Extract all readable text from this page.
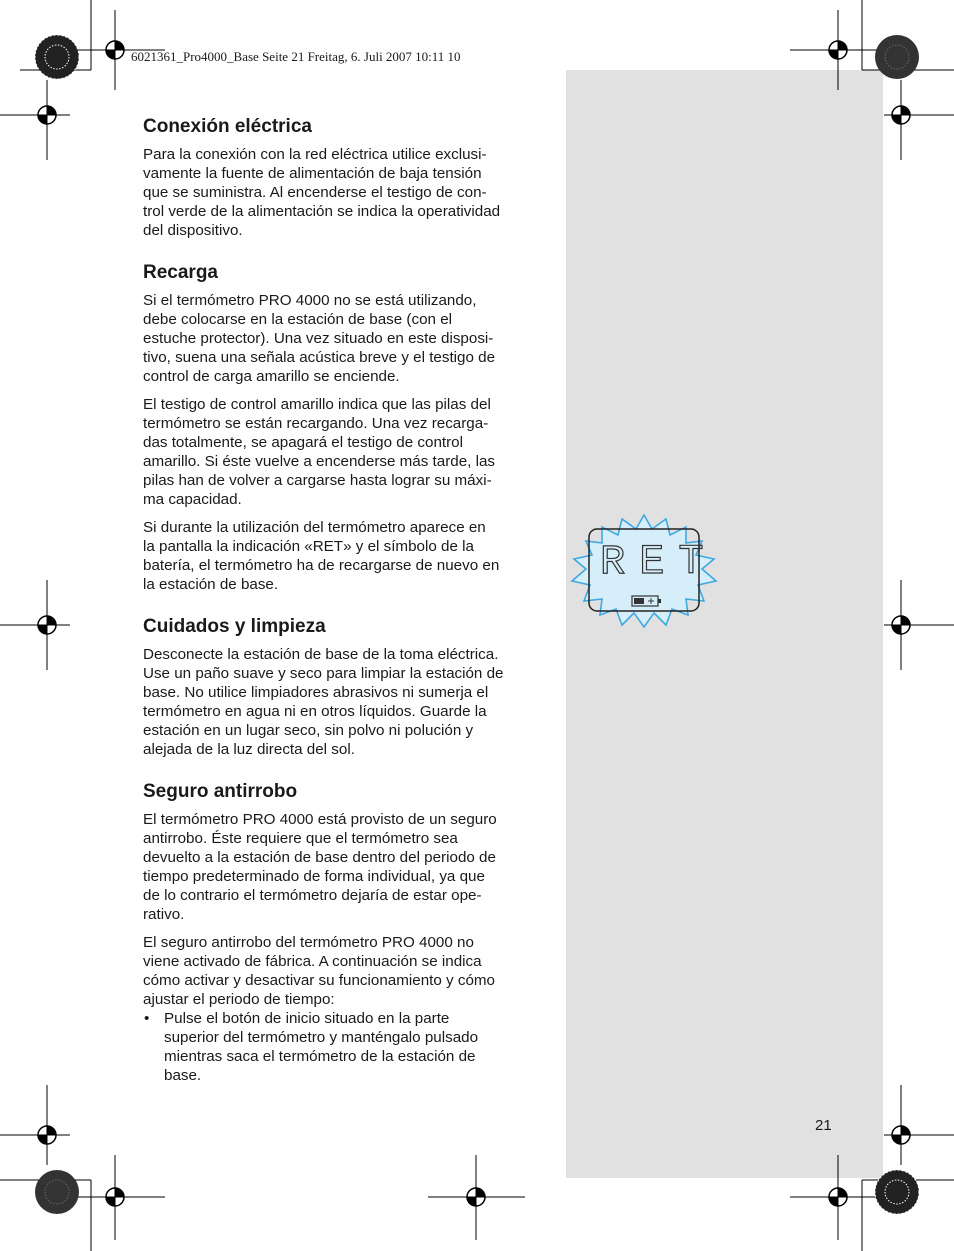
6021361_Pro4000_Base Seite 21 Freitag, 6. Juli 2007 10:11 10
Conexión eléctrica

Para la conexión con la red eléctrica utilice exclusi-
vamente la fuente de alimentación de baja tensión
que se suministra. Al encenderse el testigo de con-
trol verde de la alimentación se indica la operatividad
del dispositivo.

Recarga

Si el termómetro PRO 4000 no se está utilizando,
debe colocarse en la estación de base (con el
estuche protector). Una vez situado en este disposi-
tivo, suena una señala acústica breve y el testigo de
control de carga amarillo se enciende.

El testigo de control amarillo indica que las pilas del
termómetro se están recargando. Una vez recarga-
das totalmente, se apagará el testigo de control
amarillo. Si éste vuelve a encenderse más tarde, las
pilas han de volver a cargarse hasta lograr su máxi-
ma capacidad.

Si durante la utilización del termómetro aparece en
la pantalla la indicación «RET» y el símbolo de la
batería, el termómetro ha de recargarse de nuevo en
la estación de base.

Cuidados y limpieza

Desconecte la estación de base de la toma eléctrica.
Use un paño suave y seco para limpiar la estación de
base. No utilice limpiadores abrasivos ni sumerja el
termómetro en agua ni en otros líquidos. Guarde la
estación en un lugar seco, sin polvo ni polución y
alejada de la luz directa del sol.

Seguro antirrobo

El termómetro PRO 4000 está provisto de un seguro
antirrobo. Éste requiere que el termómetro sea
devuelto a la estación de base dentro del periodo de
tiempo predeterminado de forma individual, ya que
de lo contrario el termómetro dejaría de estar ope-
rativo.

El seguro antirrobo del termómetro PRO 4000 no
viene activado de fábrica. A continuación se indica
cómo activar y desactivar su funcionamiento y cómo
ajustar el periodo de tiempo:

• Pulse el botón de inicio situado en la parte
superior del termómetro y manténgalo pulsado
mientras saca el termómetro de la estación de
base.
RET
21
